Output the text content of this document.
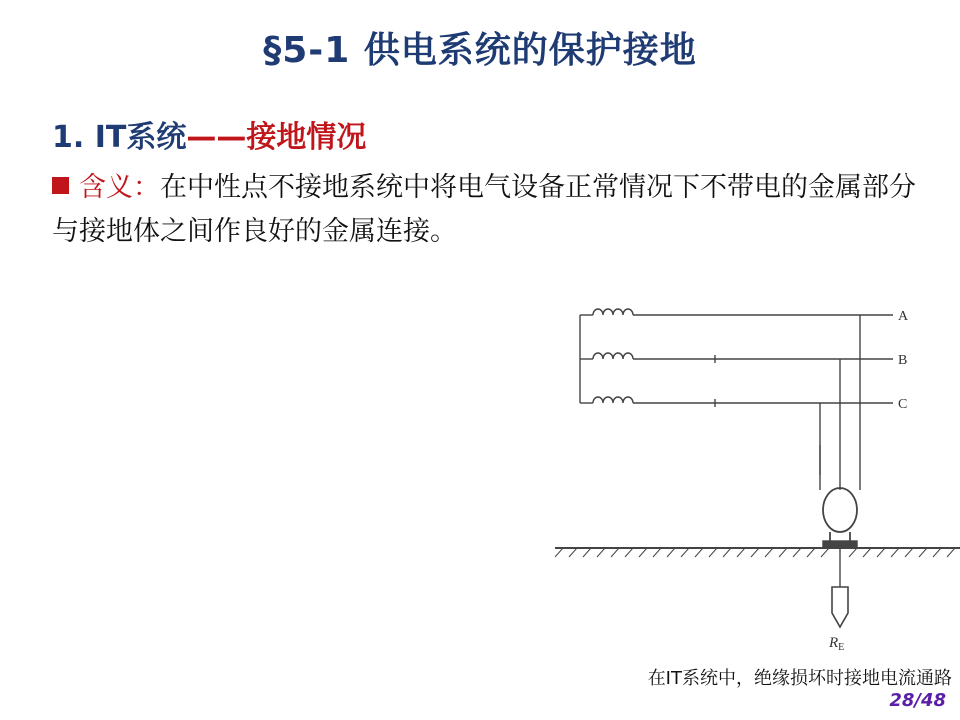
§5-1 供电系统的保护接地
1. IT系统——接地情况
含义：在中性点不接地系统中将电气设备正常情况下不带电的金属部分与接地体之间作良好的金属连接。
A
B
C
$R_E$
在IT系统中，绝缘损坏时接地电流通路
28/48
